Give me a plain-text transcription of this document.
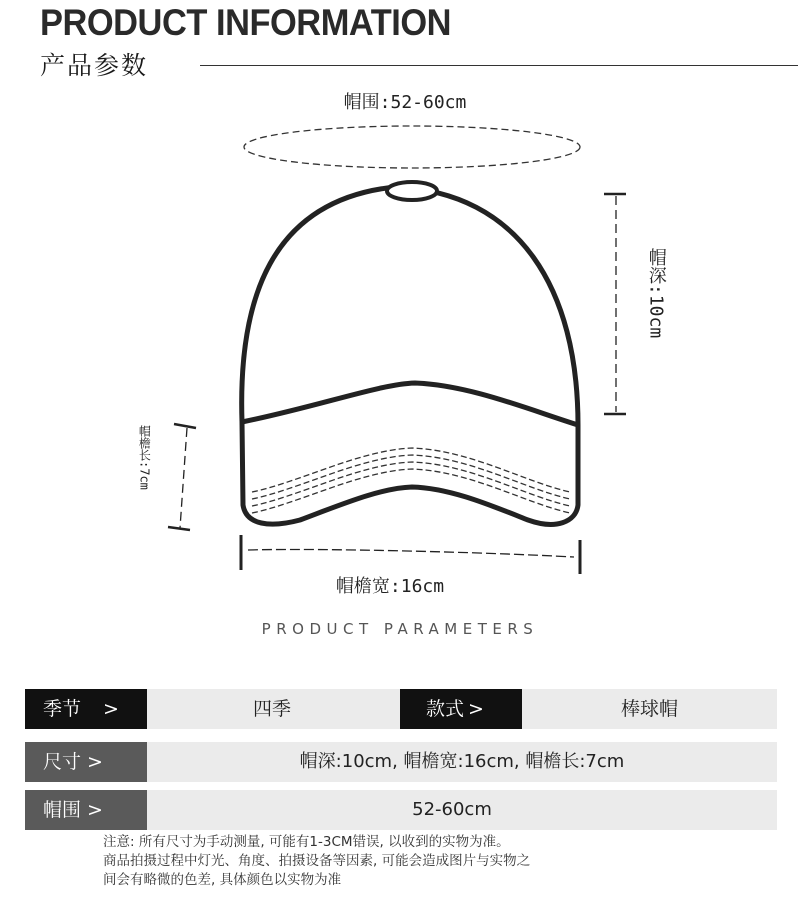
PRODUCT INFORMATION
产品参数
帽围:52-60cm
帽深:10cm
帽檐长:7cm
帽檐宽:16cm
PRODUCT PARAMETERS
季节 >	四季	款式 >	棒球帽
尺寸 >	帽深:10cm, 帽檐宽:16cm, 帽檐长:7cm
帽围 >	52-60cm
注意: 所有尺寸为手动测量, 可能有1-3CM错误, 以收到的实物为准。
商品拍摄过程中灯光、角度、拍摄设备等因素, 可能会造成图片与实物之
间会有略微的色差, 具体颜色以实物为准
